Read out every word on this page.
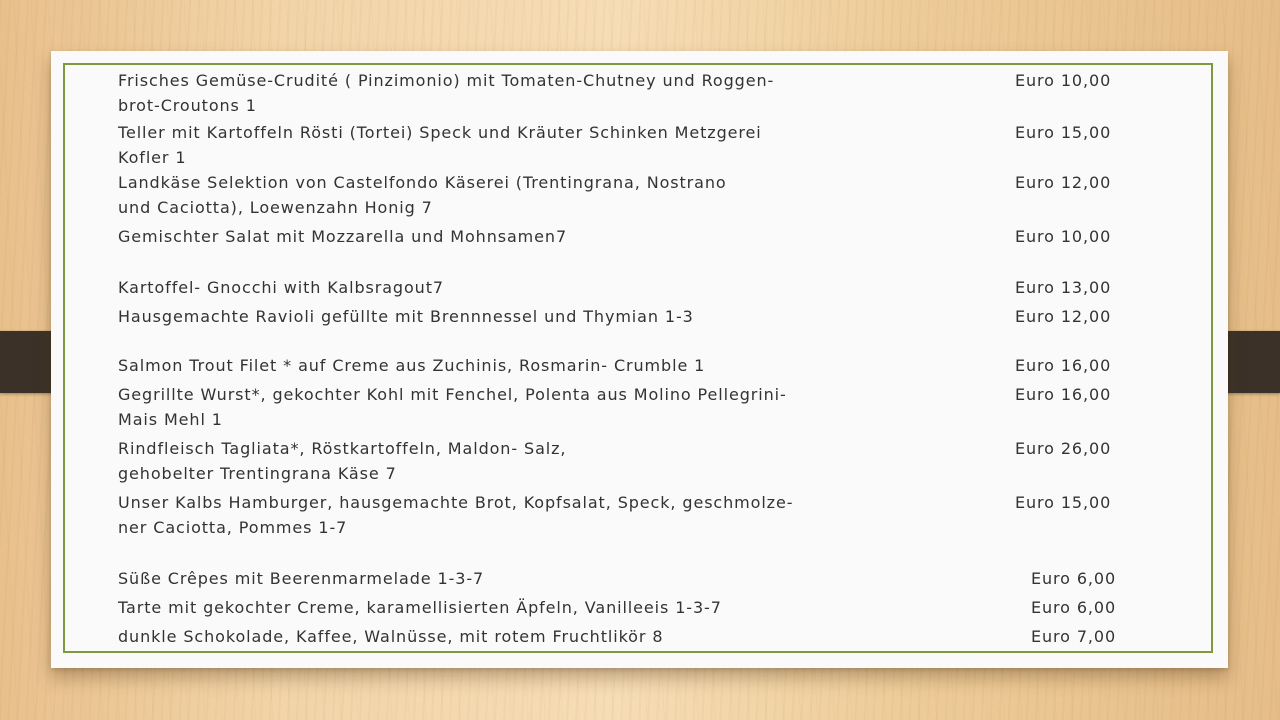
Frisches Gemüse-Crudité ( Pinzimonio) mit Tomaten-Chutney und Roggen-
brot-Croutons 1
Euro 10,00
Teller mit Kartoffeln Rösti (Tortei) Speck und Kräuter Schinken Metzgerei
Kofler 1
Euro 15,00
Landkäse Selektion von Castelfondo Käserei (Trentingrana, Nostrano
und Caciotta), Loewenzahn Honig 7
Euro 12,00
Gemischter Salat mit Mozzarella und Mohnsamen7	Euro 10,00
Kartoffel- Gnocchi with Kalbsragout7	Euro 13,00
Hausgemachte Ravioli gefüllte mit Brennnessel und Thymian 1-3	Euro 12,00
Salmon Trout Filet * auf Creme aus Zuchinis, Rosmarin- Crumble 1	Euro 16,00
Gegrillte Wurst*, gekochter Kohl mit Fenchel, Polenta aus Molino Pellegrini-
Mais Mehl 1
Euro 16,00
Rindfleisch Tagliata*, Röstkartoffeln, Maldon- Salz,
gehobelter Trentingrana Käse 7
Euro 26,00
Unser Kalbs Hamburger, hausgemachte Brot, Kopfsalat, Speck, geschmolze-
ner Caciotta, Pommes 1-7
Euro 15,00
Süße Crêpes mit Beerenmarmelade 1-3-7	Euro 6,00
Tarte mit gekochter Creme, karamellisierten Äpfeln, Vanilleeis 1-3-7	Euro 6,00
dunkle Schokolade, Kaffee, Walnüsse, mit rotem Fruchtlikör 8	Euro 7,00
